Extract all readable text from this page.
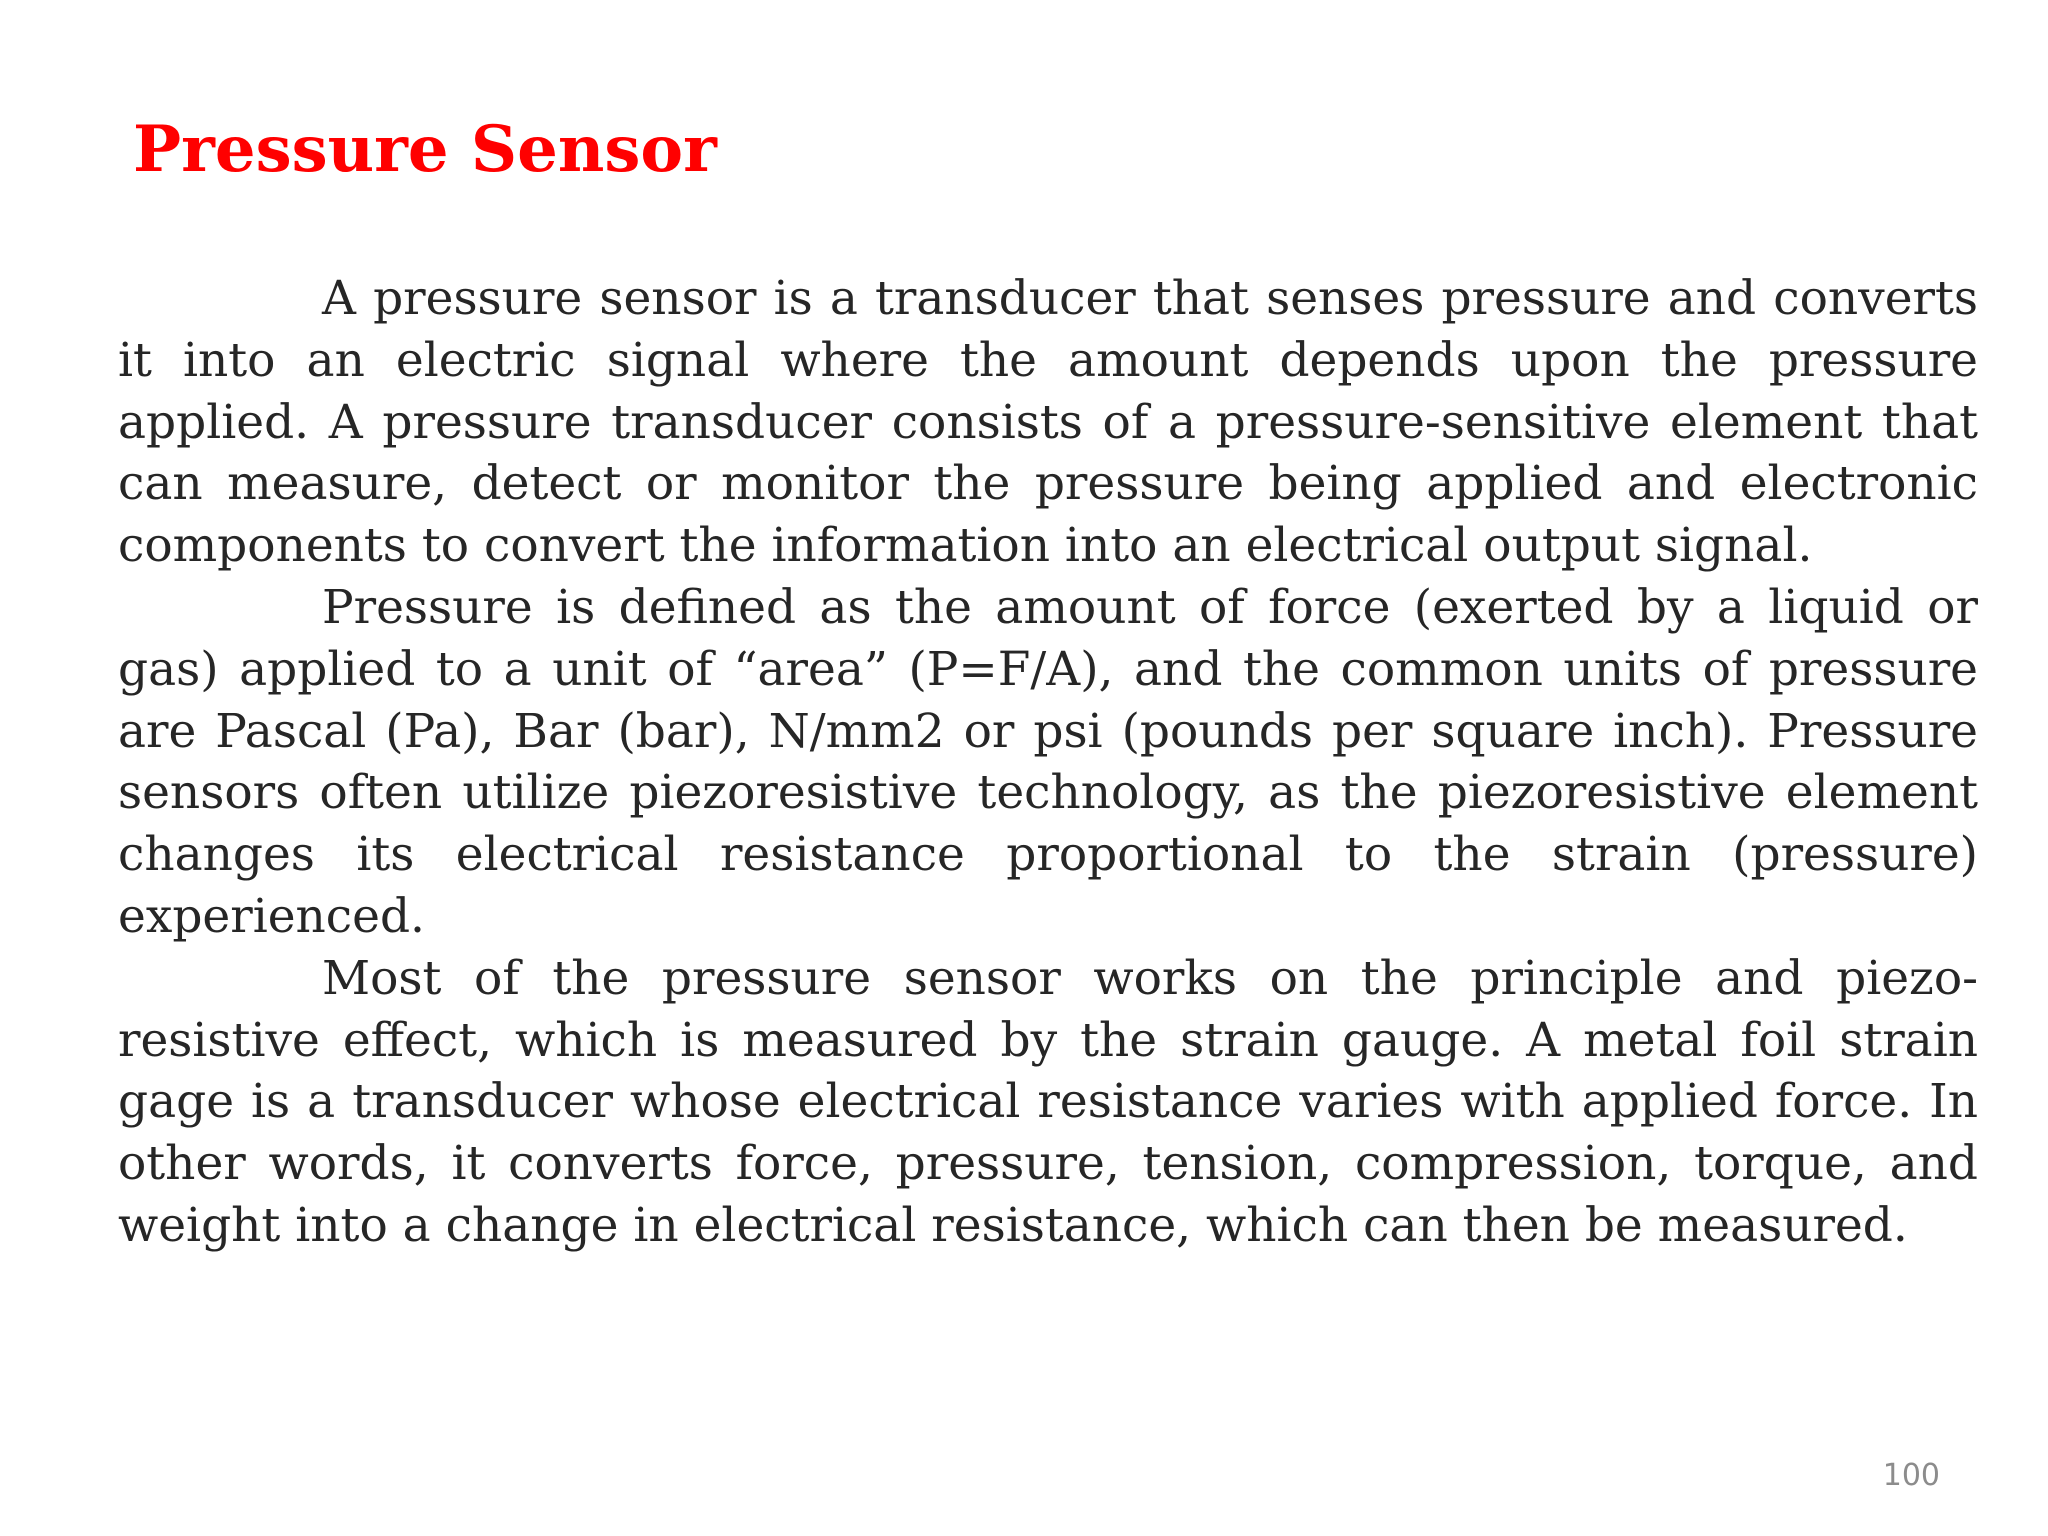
Pressure Sensor

A pressure sensor is a transducer that senses pressure and converts it into an electric signal where the amount depends upon the pressure applied. A pressure transducer consists of a pressure-sensitive element that can measure, detect or monitor the pressure being applied and electronic components to convert the information into an electrical output signal.

Pressure is defined as the amount of force (exerted by a liquid or gas) applied to a unit of “area” (P=F/A), and the common units of pressure are Pascal (Pa), Bar (bar), N/mm2 or psi (pounds per square inch). Pressure sensors often utilize piezoresistive technology, as the piezoresistive element changes its electrical resistance proportional to the strain (pressure) experienced.

Most of the pressure sensor works on the principle and piezo-resistive effect, which is measured by the strain gauge. A metal foil strain gage is a transducer whose electrical resistance varies with applied force. In other words, it converts force, pressure, tension, compression, torque, and weight into a change in electrical resistance, which can then be measured.

100
